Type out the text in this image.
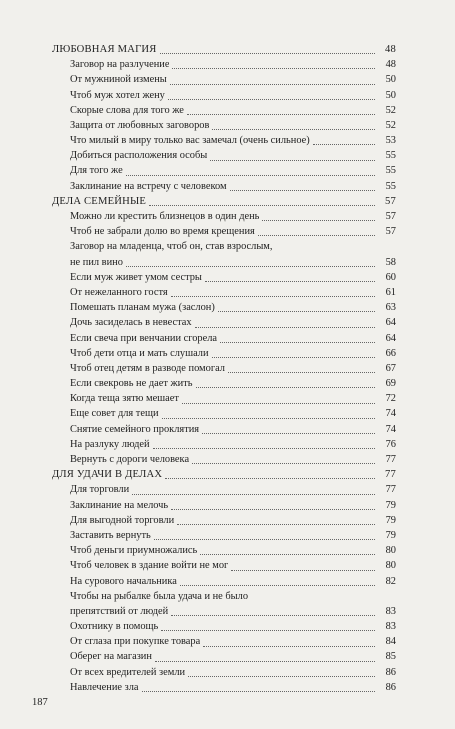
ЛЮБОВНАЯ МАГИЯ	48
Заговор на разлучение	48
От мужниной измены	50
Чтоб муж хотел жену	50
Скорые слова для того же	52
Защита от любовных заговоров	52
Что милый в миру только вас замечал (очень сильное)	53
Добиться расположения особы	55
Для того же	55
Заклинание на встречу с человеком	55
ДЕЛА СЕМЕЙНЫЕ	57
Можно ли крестить близнецов в один день	57
Чтоб не забрали долю во время крещения	57
Заговор на младенца, чтоб он, став взрослым,
не пил вино	58
Если муж живет умом сестры	60
От нежеланного гостя	61
Помешать планам мужа (заслон)	63
Дочь засиделась в невестах	64
Если свеча при венчании сгорела	64
Чтоб дети отца и мать слушали	66
Чтоб отец детям в разводе помогал	67
Если свекровь не дает жить	69
Когда теща зятю мешает	72
Еще совет для тещи	74
Снятие семейного проклятия	74
На разлуку людей	76
Вернуть с дороги человека	77
ДЛЯ УДАЧИ В ДЕЛАХ	77
Для торговли	77
Заклинание на мелочь	79
Для выгодной торговли	79
Заставить вернуть	79
Чтоб деньги приумножались	80
Чтоб человек в здание войти не мог	80
На сурового начальника	82
Чтобы на рыбалке была удача и не было
препятствий от людей	83
Охотнику в помощь	83
От сглаза при покупке товара	84
Оберег на магазин	85
От всех вредителей земли	86
Навлечение зла	86
187
